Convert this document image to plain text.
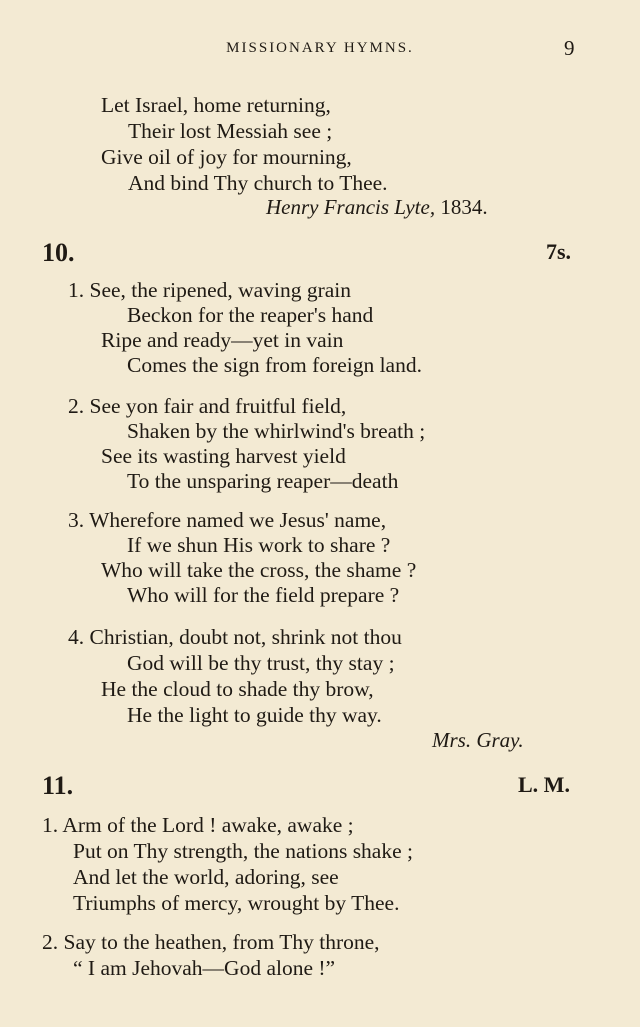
MISSIONARY HYMNS.	9
Let Israel, home returning,
Their lost Messiah see ;
Give oil of joy for mourning,
And bind Thy church to Thee.
Henry Francis Lyte, 1834.
10.	7s.
1. See, the ripened, waving grain
Beckon for the reaper's hand
Ripe and ready—yet in vain
Comes the sign from foreign land.
2. See yon fair and fruitful field,
Shaken by the whirlwind's breath ;
See its wasting harvest yield
To the unsparing reaper—death
3. Wherefore named we Jesus' name,
If we shun His work to share ?
Who will take the cross, the shame ?
Who will for the field prepare ?
4. Christian, doubt not, shrink not thou
God will be thy trust, thy stay ;
He the cloud to shade thy brow,
He the light to guide thy way.
Mrs. Gray.
11.	L. M.
1. Arm of the Lord ! awake, awake ;
Put on Thy strength, the nations shake ;
And let the world, adoring, see
Triumphs of mercy, wrought by Thee.
2. Say to the heathen, from Thy throne,
“ I am Jehovah—God alone !”
